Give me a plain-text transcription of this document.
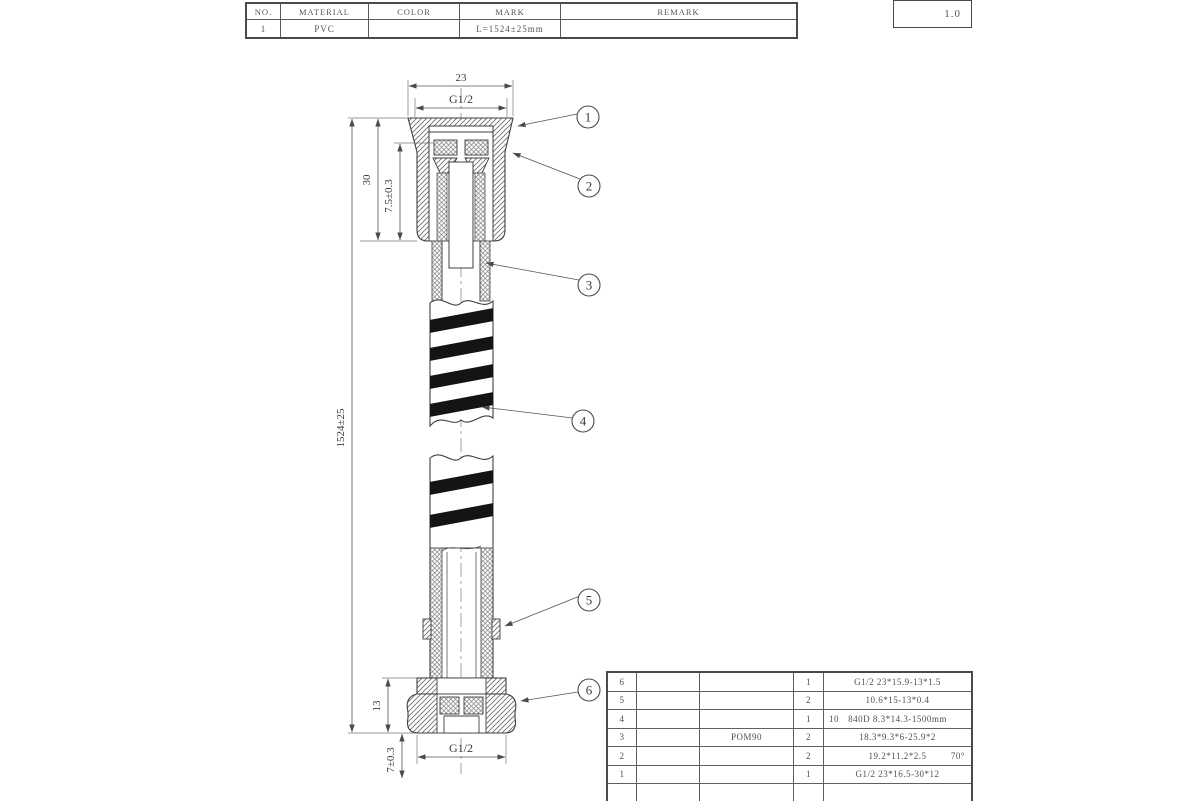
NO.	MATERIAL	COLOR	MARK	REMARK
1	PVC		L=1524±25mm	
1.0
23
G1/2
1524±25
30 7.5±0.3
13
7±0.3	G1/2
1
2
3
4
5
6
6			1	G1/2 23*15.9-13*1.5

5			2	10.6*15-13*0.4

4			1	10 840D 8.3*14.3-1500mm

3		POM90	2	18.3*9.3*6-25.9*2

2			2	19.2*11.2*2.5 70°

1			1	G1/2 23*16.5-30*12
